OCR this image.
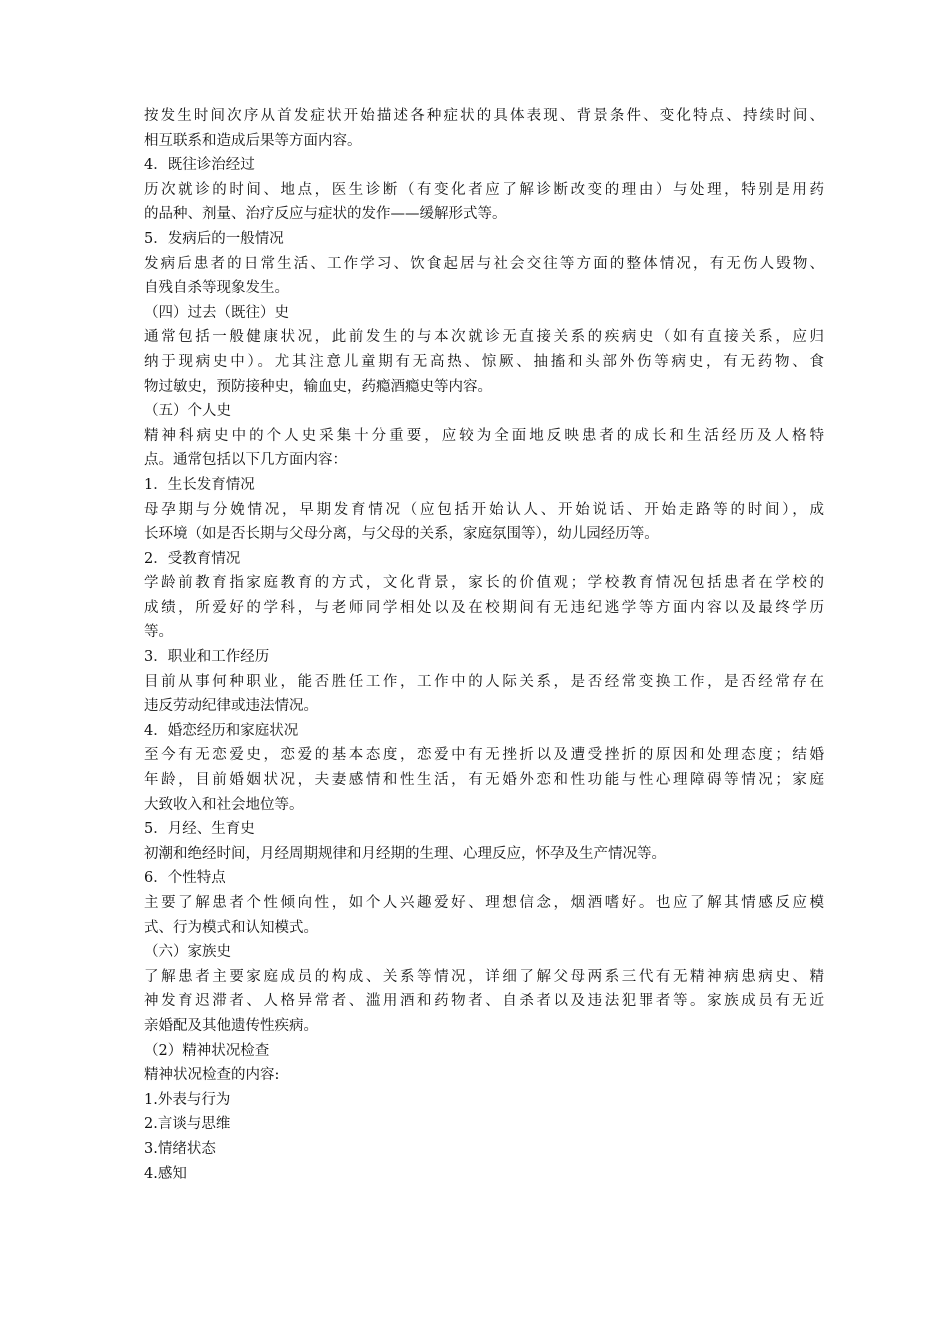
按发生时间次序从首发症状开始描述各种症状的具体表现、背景条件、变化特点、持续时间、
相互联系和造成后果等方面内容。
4．既往诊治经过
历次就诊的时间、地点，医生诊断（有变化者应了解诊断改变的理由）与处理，特别是用药
的品种、剂量、治疗反应与症状的发作——缓解形式等。
5．发病后的一般情况
发病后患者的日常生活、工作学习、饮食起居与社会交往等方面的整体情况，有无伤人毁物、
自残自杀等现象发生。
（四）过去（既往）史
通常包括一般健康状况，此前发生的与本次就诊无直接关系的疾病史（如有直接关系，应归
纳于现病史中）。尤其注意儿童期有无高热、惊厥、抽搐和头部外伤等病史，有无药物、食
物过敏史，预防接种史，输血史，药瘾酒瘾史等内容。
（五）个人史
精神科病史中的个人史采集十分重要，应较为全面地反映患者的成长和生活经历及人格特
点。通常包括以下几方面内容：
1．生长发育情况
母孕期与分娩情况，早期发育情况（应包括开始认人、开始说话、开始走路等的时间），成
长环境（如是否长期与父母分离，与父母的关系，家庭氛围等），幼儿园经历等。
2．受教育情况
学龄前教育指家庭教育的方式，文化背景，家长的价值观；学校教育情况包括患者在学校的
成绩，所爱好的学科，与老师同学相处以及在校期间有无违纪逃学等方面内容以及最终学历
等。
3．职业和工作经历
目前从事何种职业，能否胜任工作，工作中的人际关系，是否经常变换工作，是否经常存在
违反劳动纪律或违法情况。
4．婚恋经历和家庭状况
至今有无恋爱史，恋爱的基本态度，恋爱中有无挫折以及遭受挫折的原因和处理态度；结婚
年龄，目前婚姻状况，夫妻感情和性生活，有无婚外恋和性功能与性心理障碍等情况；家庭
大致收入和社会地位等。
5．月经、生育史
初潮和绝经时间，月经周期规律和月经期的生理、心理反应，怀孕及生产情况等。
6．个性特点
主要了解患者个性倾向性，如个人兴趣爱好、理想信念，烟酒嗜好。也应了解其情感反应模
式、行为模式和认知模式。
（六）家族史
了解患者主要家庭成员的构成、关系等情况，详细了解父母两系三代有无精神病患病史、精
神发育迟滞者、人格异常者、滥用酒和药物者、自杀者以及违法犯罪者等。家族成员有无近
亲婚配及其他遗传性疾病。
（2）精神状况检查
精神状况检查的内容:
1.外表与行为
2.言谈与思维
3.情绪状态
4.感知
